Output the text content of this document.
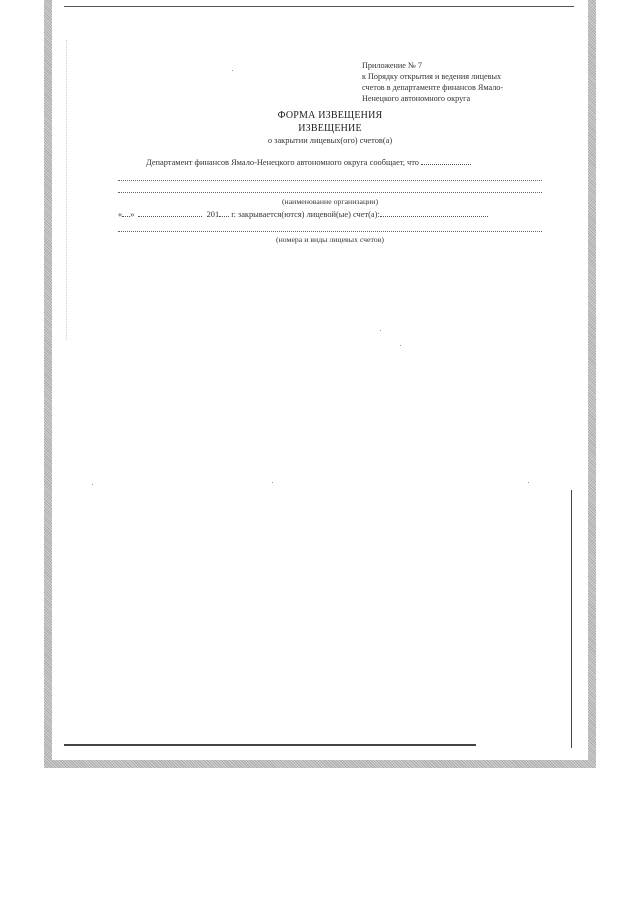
Приложение № 7
к Порядку открытия и ведения лицевых
счетов в департаменте финансов Ямало-
Ненецкого автономного округа
ФОРМА ИЗВЕЩЕНИЯ
ИЗВЕЩЕНИЕ
о закрытии лицевых(ого) счетов(а)
Департамент финансов Ямало-Ненецкого автономного округа сообщает, что
(наименование организации)
« »	201 г. закрывается(ются) лицевой(ые) счет(а):
(номера и виды лицевых счетов)
